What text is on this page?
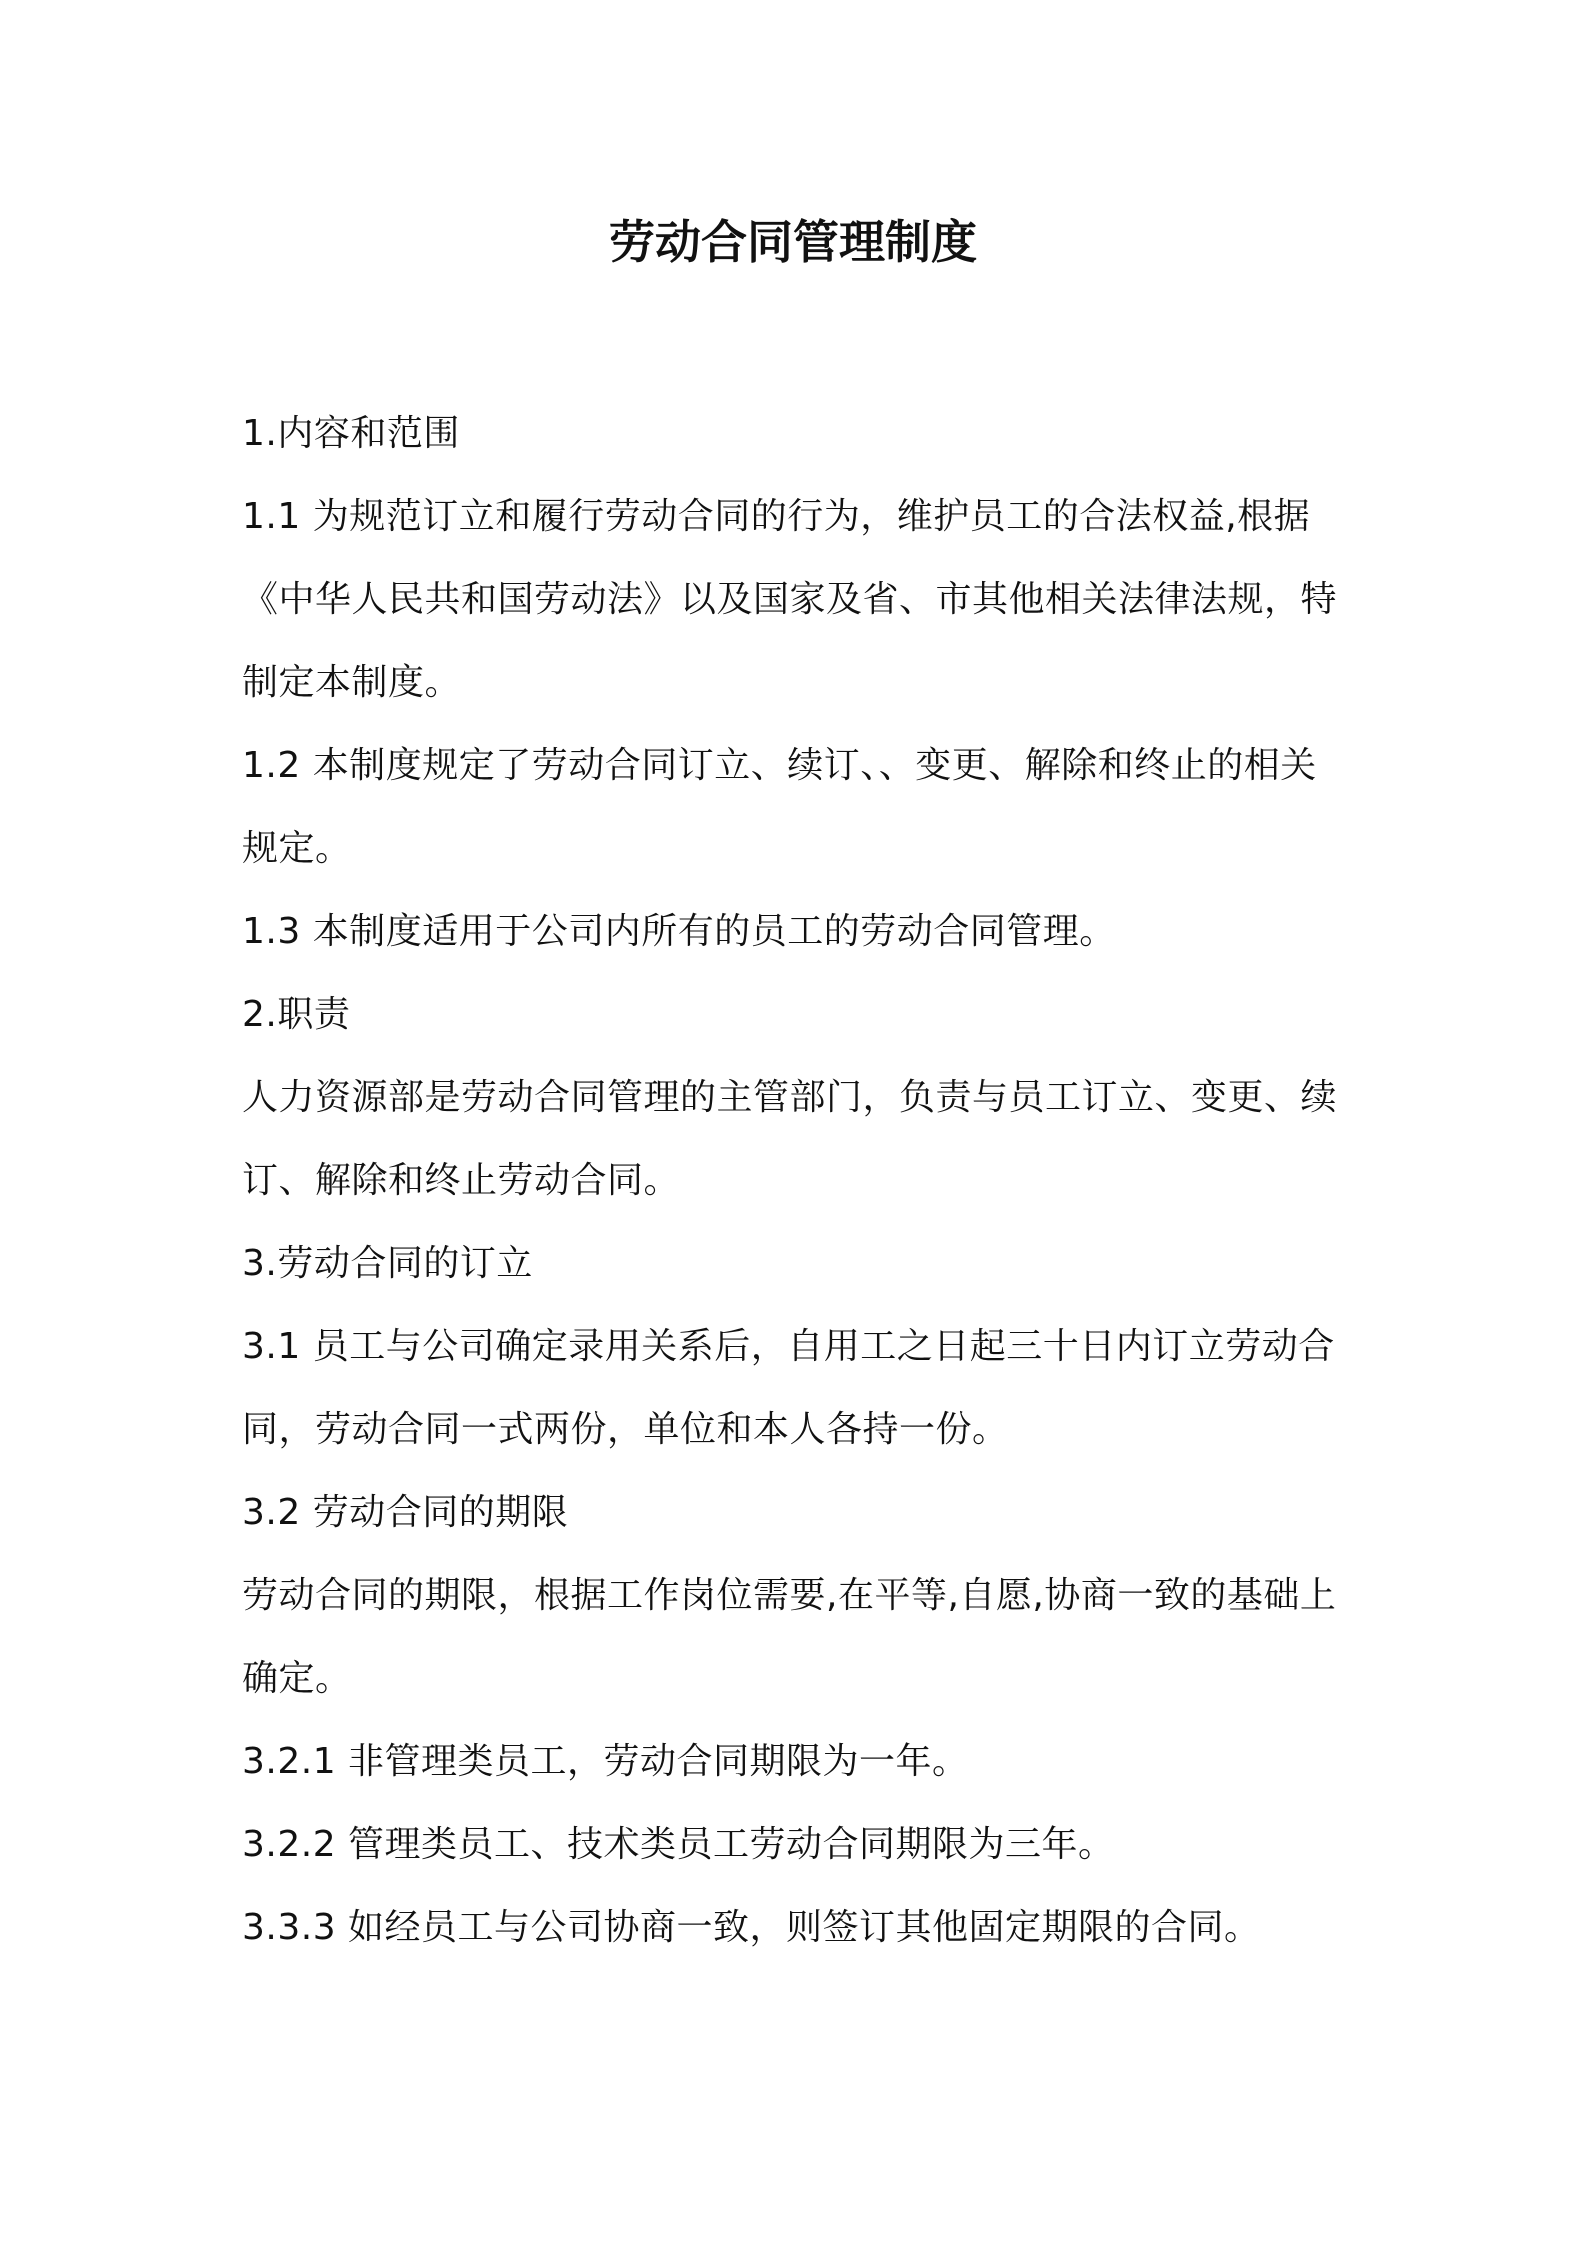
劳动合同管理制度
1.内容和范围
1.1 为规范订立和履行劳动合同的行为，维护员工的合法权益,根据
《中华人民共和国劳动法》以及国家及省、市其他相关法律法规，特
制定本制度。
1.2 本制度规定了劳动合同订立、续订、、变更、解除和终止的相关
规定。
1.3 本制度适用于公司内所有的员工的劳动合同管理。
2.职责
人力资源部是劳动合同管理的主管部门，负责与员工订立、变更、续
订、解除和终止劳动合同。
3.劳动合同的订立
3.1 员工与公司确定录用关系后，自用工之日起三十日内订立劳动合
同，劳动合同一式两份，单位和本人各持一份。
3.2 劳动合同的期限
劳动合同的期限，根据工作岗位需要,在平等,自愿,协商一致的基础上
确定。
3.2.1 非管理类员工，劳动合同期限为一年。
3.2.2 管理类员工、技术类员工劳动合同期限为三年。
3.3.3 如经员工与公司协商一致，则签订其他固定期限的合同。
